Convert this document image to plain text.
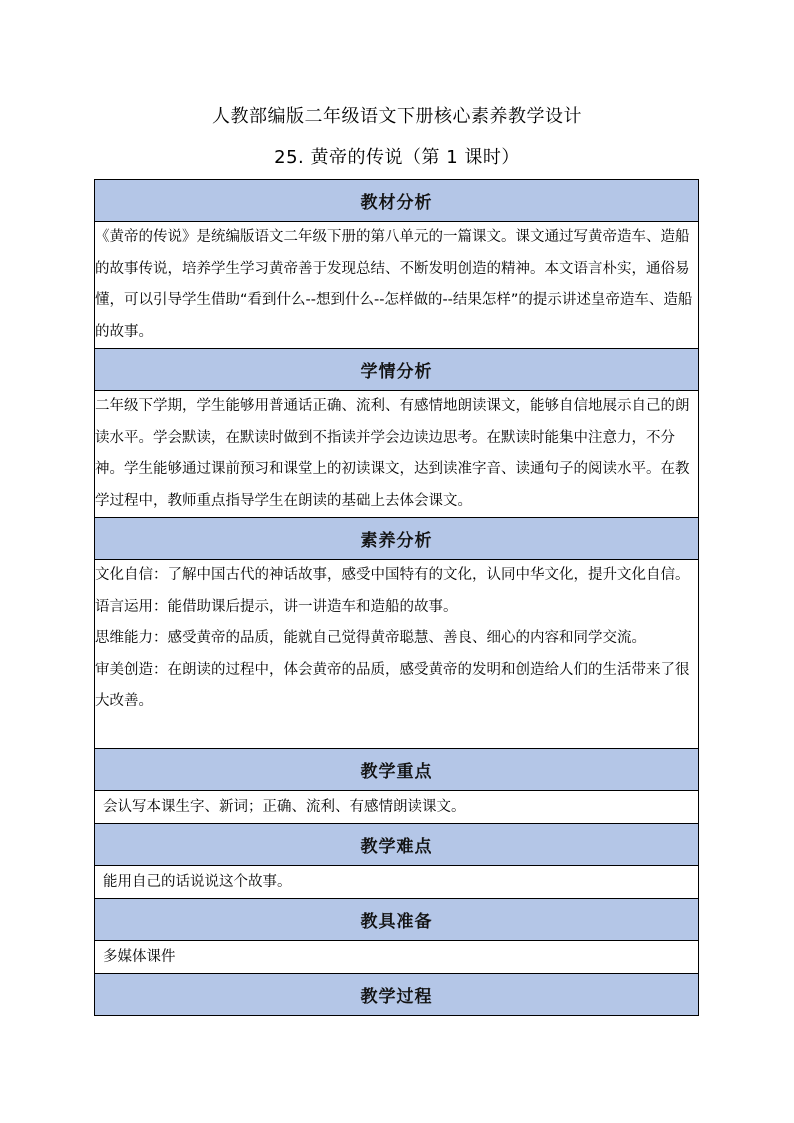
人教部编版二年级语文下册核心素养教学设计
25. 黄帝的传说（第 1 课时）
教材分析

《黄帝的传说》是统编版语文二年级下册的第八单元的一篇课文。课文通过写黄帝造车、造船的故事传说，培养学生学习黄帝善于发现总结、不断发明创造的精神。本文语言朴实，通俗易懂，可以引导学生借助“看到什么--想到什么--怎样做的--结果怎样”的提示讲述皇帝造车、造船的故事。

学情分析

二年级下学期，学生能够用普通话正确、流利、有感情地朗读课文，能够自信地展示自己的朗读水平。学会默读，在默读时做到不指读并学会边读边思考。在默读时能集中注意力，不分神。学生能够通过课前预习和课堂上的初读课文，达到读准字音、读通句子的阅读水平。在教学过程中，教师重点指导学生在朗读的基础上去体会课文。

素养分析

文化自信：了解中国古代的神话故事，感受中国特有的文化，认同中华文化，提升文化自信。

语言运用：能借助课后提示，讲一讲造车和造船的故事。

思维能力：感受黄帝的品质，能就自己觉得黄帝聪慧、善良、细心的内容和同学交流。

审美创造：在朗读的过程中，体会黄帝的品质，感受黄帝的发明和创造给人们的生活带来了很大改善。

教学重点

会认写本课生字、新词；正确、流利、有感情朗读课文。

教学难点

能用自己的话说说这个故事。

教具准备

多媒体课件

教学过程
